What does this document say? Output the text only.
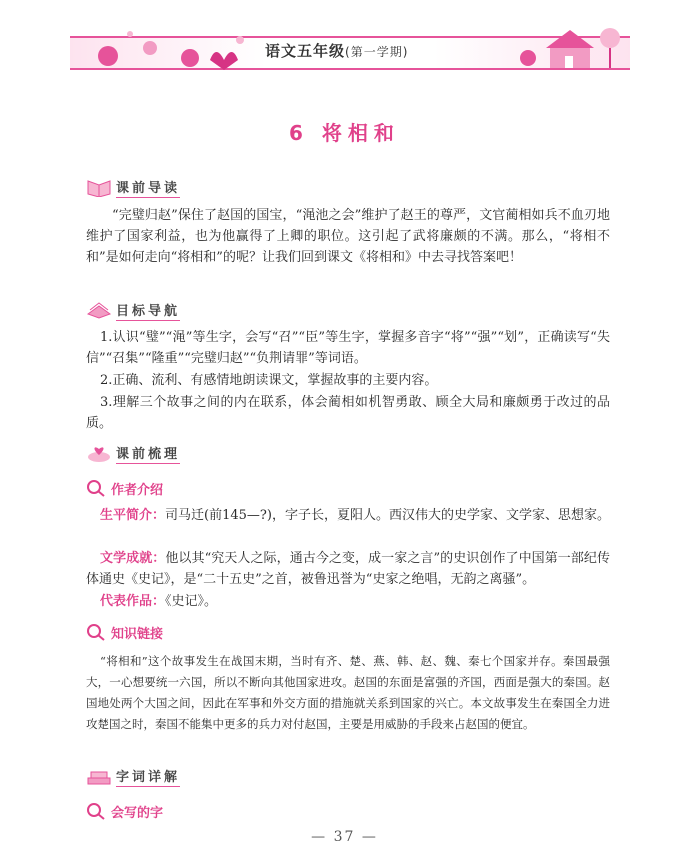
语文五年级(第一学期)
6 将相和
课前导读

“完璧归赵”保住了赵国的国宝，“渑池之会”维护了赵王的尊严，文官蔺相如兵不血刃地维护了国家利益，也为他赢得了上卿的职位。这引起了武将廉颇的不满。那么，“将相不和”是如何走向“将相和”的呢？让我们回到课文《将相和》中去寻找答案吧！

目标导航

1.认识“璧”“渑”等生字，会写“召”“臣”等生字，掌握多音字“将”“强”“划”，正确读写“失信”“召集”“隆重”“完璧归赵”“负荆请罪”等词语。

2.正确、流利、有感情地朗读课文，掌握故事的主要内容。

3.理解三个故事之间的内在联系，体会蔺相如机智勇敢、顾全大局和廉颇勇于改过的品质。

课前梳理
作者介绍

生平简介：司马迁(前145—?)，字子长，夏阳人。西汉伟大的史学家、文学家、思想家。

文学成就：他以其“究天人之际，通古今之变，成一家之言”的史识创作了中国第一部纪传体通史《史记》，是“二十五史”之首，被鲁迅誉为“史家之绝唱，无韵之离骚”。

代表作品：《史记》。

知识链接

“将相和”这个故事发生在战国末期，当时有齐、楚、燕、韩、赵、魏、秦七个国家并存。秦国最强大，一心想要统一六国，所以不断向其他国家进攻。赵国的东面是富强的齐国，西面是强大的秦国。赵国地处两个大国之间，因此在军事和外交方面的措施就关系到国家的兴亡。本文故事发生在秦国全力进攻楚国之时，秦国不能集中更多的兵力对付赵国，主要是用威胁的手段来占赵国的便宜。

字词详解
会写的字
— 37 —
